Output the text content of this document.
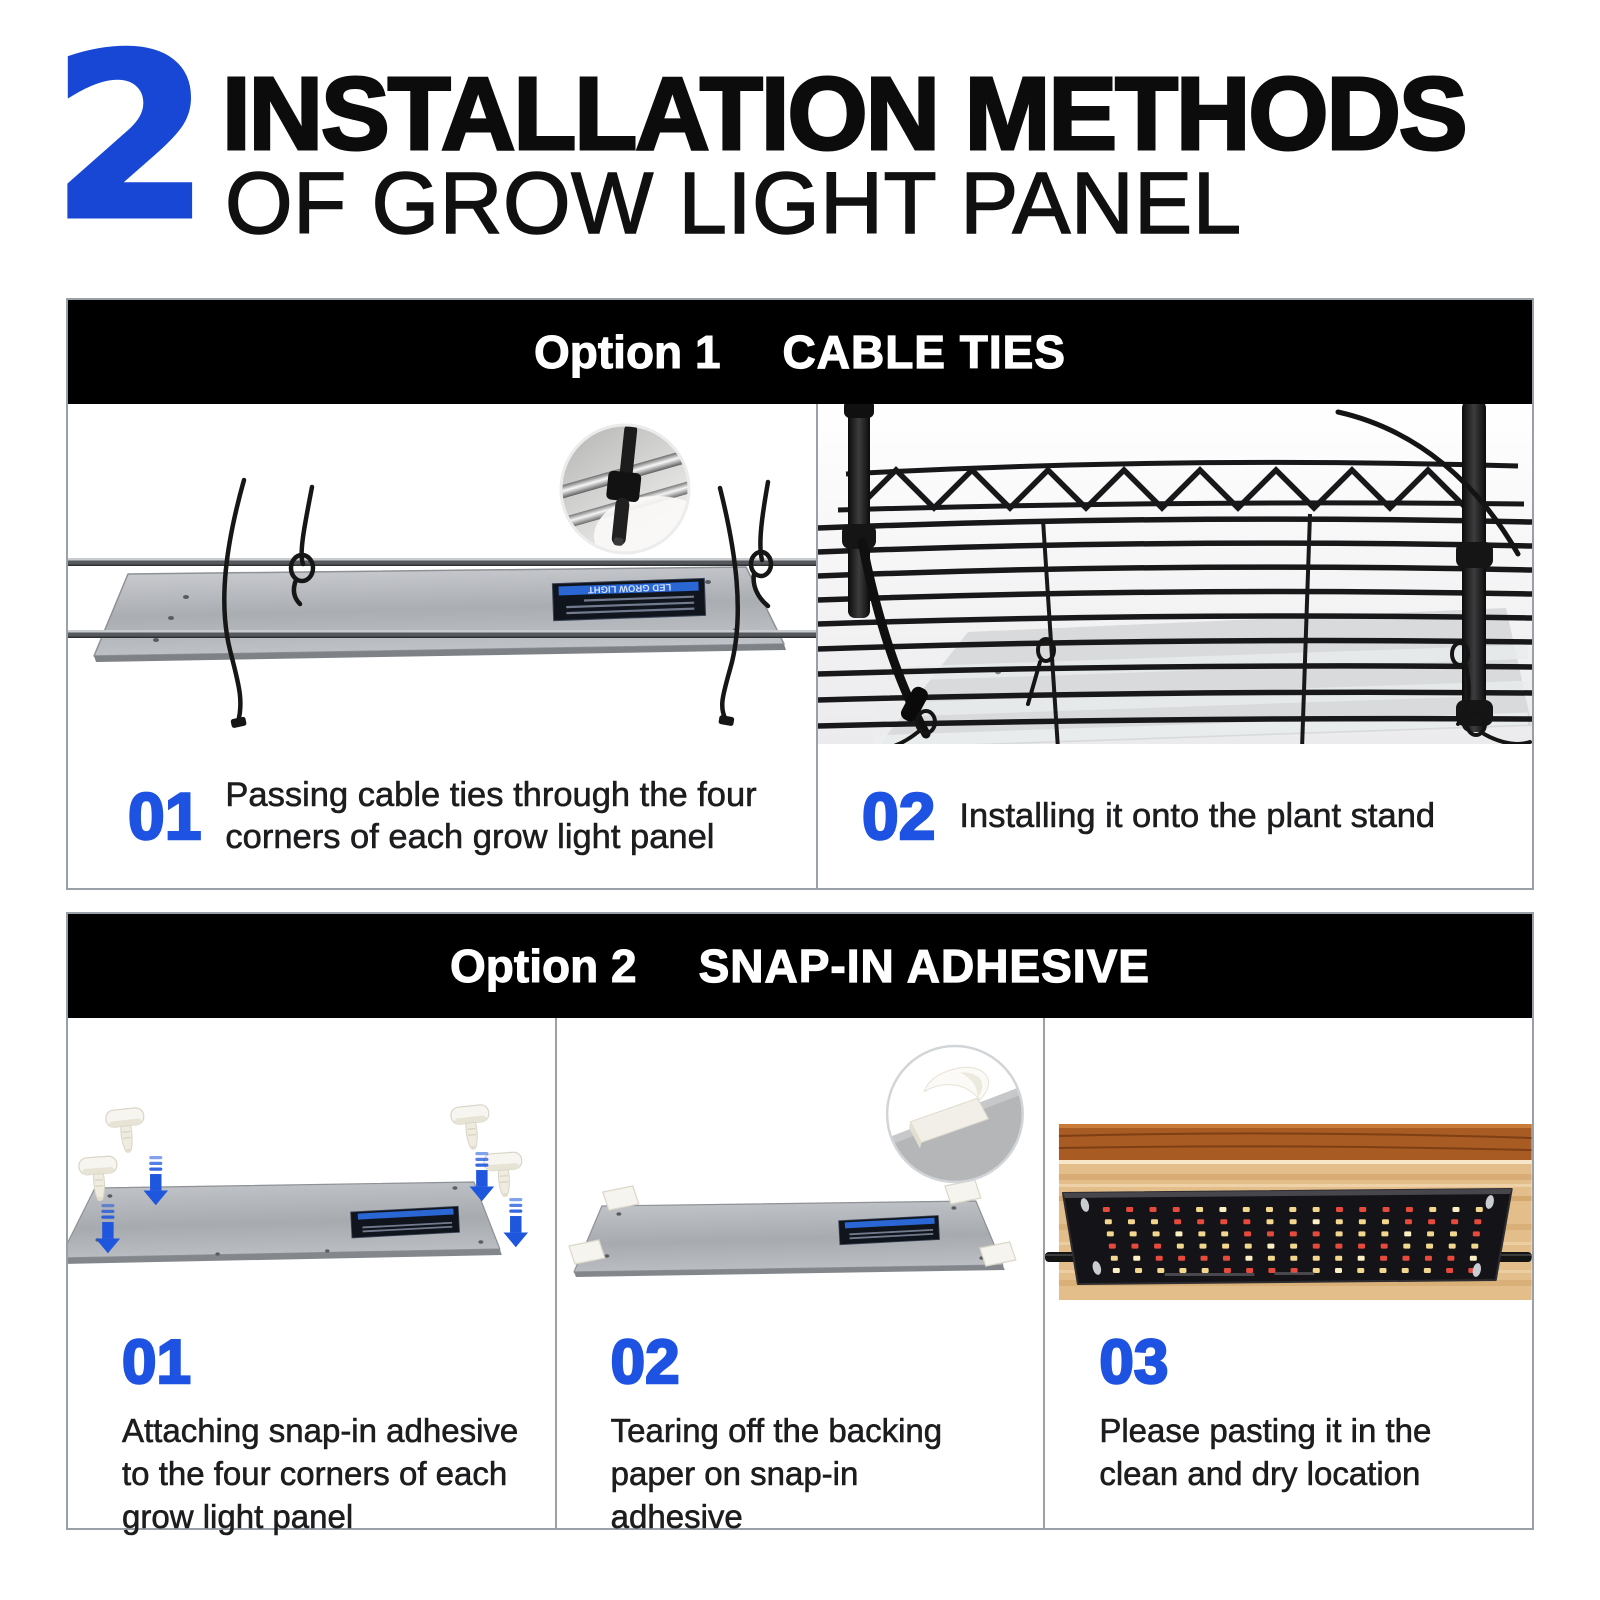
2 INSTALLATION METHODS
OF GROW LIGHT PANEL
Option 1 CABLE TIES
LED GROW LIGHT
01 Passing cable ties through the four corners of each grow light panel	02 Installing it onto the plant stand

Option 2 SNAP-IN ADHESIVE
01

Attaching snap-in adhesive to the four corners of each grow light panel

02

Tearing off the backing paper on snap-in adhesive

03

Please pasting it in the clean and dry location
